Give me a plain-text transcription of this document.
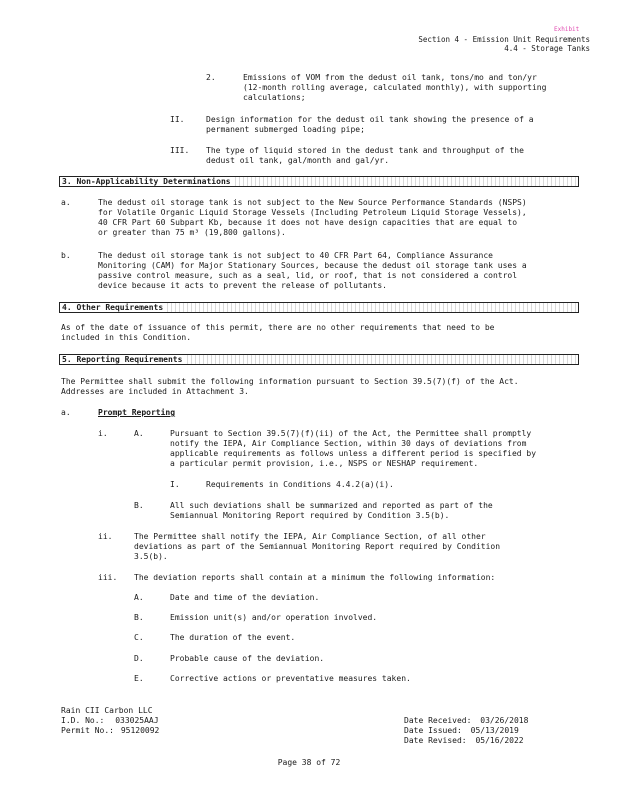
Exhibit
Section 4 - Emission Unit Requirements
4.4 - Storage Tanks
2.	Emissions of VOM from the dedust oil tank, tons/mo and ton/yr
(12-month rolling average, calculated monthly), with supporting
calculations;
II.	Design information for the dedust oil tank showing the presence of a
permanent submerged loading pipe;
III. The type of liquid stored in the dedust tank and throughput of the
dedust oil tank, gal/month and gal/yr.
3. Non-Applicability Determinations
a.	The dedust oil storage tank is not subject to the New Source Performance Standards (NSPS)
for Volatile Organic Liquid Storage Vessels (Including Petroleum Liquid Storage Vessels),
40 CFR Part 60 Subpart Kb, because it does not have design capacities that are equal to
or greater than 75 m³ (19,800 gallons).
b.	The dedust oil storage tank is not subject to 40 CFR Part 64, Compliance Assurance
Monitoring (CAM) for Major Stationary Sources, because the dedust oil storage tank uses a
passive control measure, such as a seal, lid, or roof, that is not considered a control
device because it acts to prevent the release of pollutants.
4. Other Requirements
As of the date of issuance of this permit, there are no other requirements that need to be
included in this Condition.
5. Reporting Requirements
The Permittee shall submit the following information pursuant to Section 39.5(7)(f) of the Act.
Addresses are included in Attachment 3.
a.	Prompt Reporting
i.	A.	Pursuant to Section 39.5(7)(f)(ii) of the Act, the Permittee shall promptly
notify the IEPA, Air Compliance Section, within 30 days of deviations from
applicable requirements as follows unless a different period is specified by
a particular permit provision, i.e., NSPS or NESHAP requirement.
I.	Requirements in Conditions 4.4.2(a)(i).
B.	All such deviations shall be summarized and reported as part of the
Semiannual Monitoring Report required by Condition 3.5(b).
ii.	The Permittee shall notify the IEPA, Air Compliance Section, of all other
deviations as part of the Semiannual Monitoring Report required by Condition
3.5(b).
iii. The deviation reports shall contain at a minimum the following information:
A.	Date and time of the deviation.
B.	Emission unit(s) and/or operation involved.
C.	The duration of the event.
D.	Probable cause of the deviation.
E.	Corrective actions or preventative measures taken.
Rain CII Carbon LLC
I.D. No.: 033025AAJ
Permit No.: 95120092
Date Received: 03/26/2018
Date Issued: 05/13/2019
Date Revised: 05/16/2022
Page 38 of 72
